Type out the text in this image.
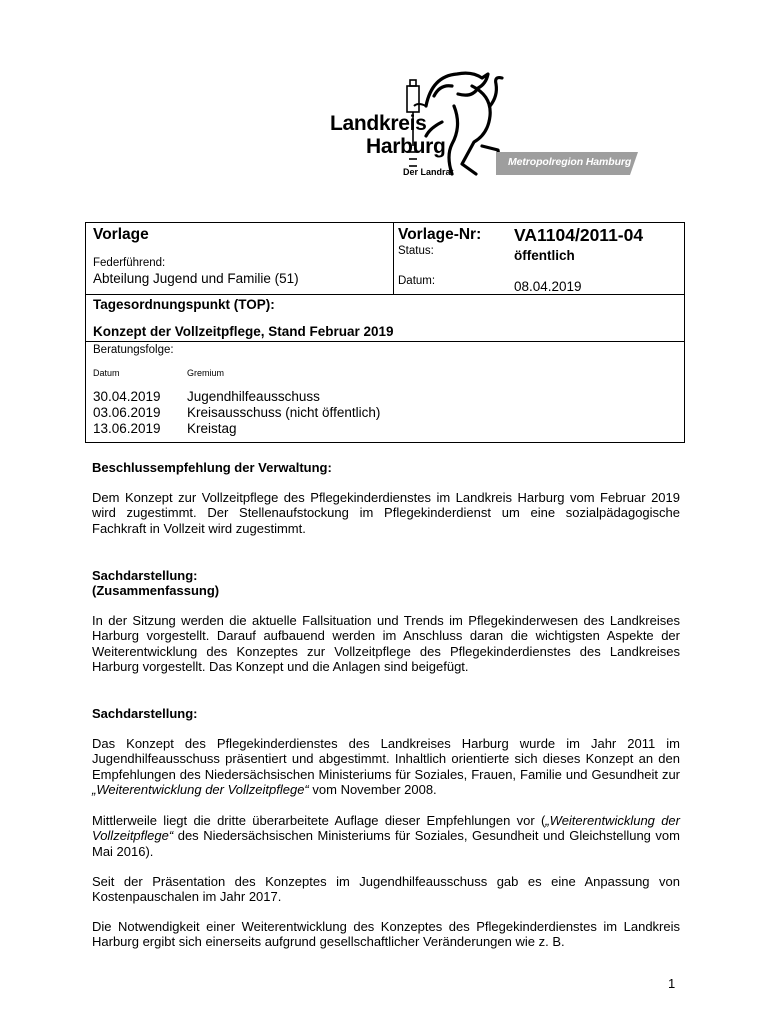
Landkreis
Harburg
Der Landrat
Metropolregion Hamburg
Vorlage
Federführend:
Abteilung Jugend und Familie (51)
Vorlage-Nr: VA1104/2011-04
Status:	öffentlich
Datum:	08.04.2019
Tagesordnungspunkt (TOP):
Konzept der Vollzeitpflege, Stand Februar 2019
Beratungsfolge:
Datum	Gremium
30.04.2019 Jugendhilfeausschuss
03.06.2019 Kreisausschuss (nicht öffentlich)
13.06.2019 Kreistag
Beschlussempfehlung der Verwaltung:
Dem Konzept zur Vollzeitpflege des Pflegekinderdienstes im Landkreis Harburg vom Februar 2019 wird zugestimmt. Der Stellenaufstockung im Pflegekinderdienst um eine sozialpädagogische Fachkraft in Vollzeit wird zugestimmt.
Sachdarstellung:
(Zusammenfassung)
In der Sitzung werden die aktuelle Fallsituation und Trends im Pflegekinderwesen des Landkreises Harburg vorgestellt. Darauf aufbauend werden im Anschluss daran die wichtigsten Aspekte der Weiterentwicklung des Konzeptes zur Vollzeitpflege des Pflegekinderdienstes des Landkreises Harburg vorgestellt. Das Konzept und die Anlagen sind beigefügt.
Sachdarstellung:
Das Konzept des Pflegekinderdienstes des Landkreises Harburg wurde im Jahr 2011 im Jugendhilfeausschuss präsentiert und abgestimmt. Inhaltlich orientierte sich dieses Konzept an den Empfehlungen des Niedersächsischen Ministeriums für Soziales, Frauen, Familie und Gesundheit zur „Weiterentwicklung der Vollzeitpflege“ vom November 2008.
Mittlerweile liegt die dritte überarbeitete Auflage dieser Empfehlungen vor („Weiterentwicklung der Vollzeitpflege“ des Niedersächsischen Ministeriums für Soziales, Gesundheit und Gleichstellung vom Mai 2016).
Seit der Präsentation des Konzeptes im Jugendhilfeausschuss gab es eine Anpassung von Kostenpauschalen im Jahr 2017.
Die Notwendigkeit einer Weiterentwicklung des Konzeptes des Pflegekinderdienstes im Landkreis Harburg ergibt sich einerseits aufgrund gesellschaftlicher Veränderungen wie z. B.
1
